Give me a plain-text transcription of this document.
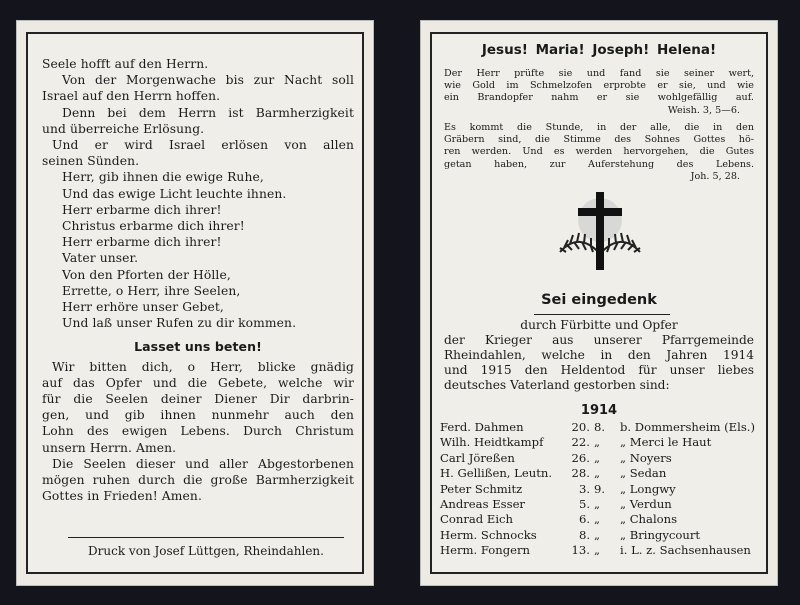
Seele hofft auf den Herrn.
Von der Morgenwache bis zur Nacht soll
Israel auf den Herrn hoffen.
Denn bei dem Herrn ist Barmherzigkeit
und überreiche Erlösung.
Und er wird Israel erlösen von allen
seinen Sünden.
Herr, gib ihnen die ewige Ruhe,
Und das ewige Licht leuchte ihnen.
Herr erbarme dich ihrer!
Christus erbarme dich ihrer!
Herr erbarme dich ihrer!
Vater unser.
Von den Pforten der Hölle,
Errette, o Herr, ihre Seelen,
Herr erhöre unser Gebet,
Und laß unser Rufen zu dir kommen.
Lasset uns beten!
Wir bitten dich, o Herr, blicke gnädig
auf das Opfer und die Gebete, welche wir
für die Seelen deiner Diener Dir darbrin-
gen, und gib ihnen nunmehr auch den
Lohn des ewigen Lebens. Durch Christum
unsern Herrn. Amen.
Die Seelen dieser und aller Abgestorbenen
mögen ruhen durch die große Barmherzigkeit
Gottes in Frieden! Amen.
Druck von Josef Lüttgen, Rheindahlen.
Jesus! Maria! Joseph! Helena!
Der Herr prüfte sie und fand sie seiner wert,
wie Gold im Schmelzofen erprobte er sie, und wie
ein Brandopfer nahm er sie wohlgefällig auf.
Weish. 3, 5—6.
Es kommt die Stunde, in der alle, die in den
Gräbern sind, die Stimme des Sohnes Gottes hö-
ren werden. Und es werden hervorgehen, die Gutes
getan haben, zur Auferstehung des Lebens.
Joh. 5, 28.
Sei eingedenk
durch Fürbitte und Opfer
der Krieger aus unserer Pfarrgemeinde
Rheindahlen, welche in den Jahren 1914
und 1915 den Heldentod für unser liebes
deutsches Vaterland gestorben sind:
1914
Ferd. Dahmen	20. 8.	b. Dommersheim (Els.)
Wilh. Heidtkampf	22. „	„ Merci le Haut
Carl Jöreßen	26. „	„ Noyers
H. Gellißen, Leutn.	28. „	„ Sedan
Peter Schmitz	3. 9.	„ Longwy
Andreas Esser	5. „	„ Verdun
Conrad Eich	6. „	„ Chalons
Herm. Schnocks	8. „	„ Bringycourt
Herm. Fongern	13. „	i. L. z. Sachsenhausen
